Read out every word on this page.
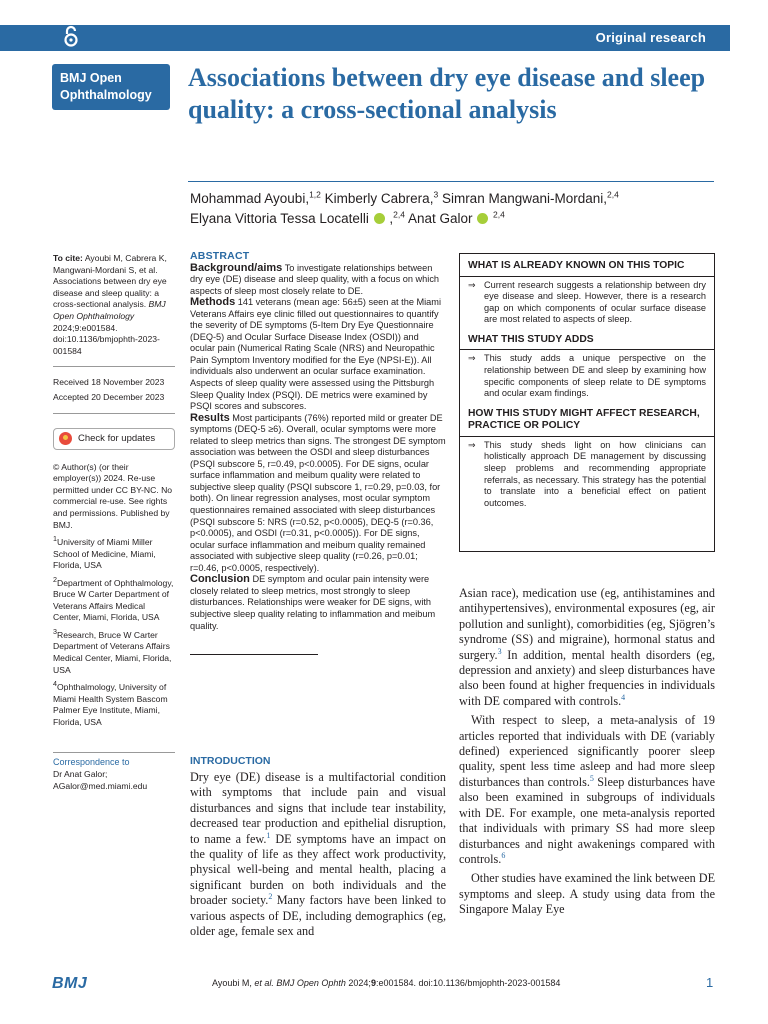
Original research
BMJ Open
Ophthalmology
Associations between dry eye disease and sleep quality: a cross-sectional analysis
Mohammad Ayoubi,$^{1,2}$ Kimberly Cabrera,$^3$ Simran Mangwani-Mordani,$^{2,4}$
Elyana Vittoria Tessa Locatelli  ,$^{2,4}$ Anat Galor $^{2,4}$

To cite: Ayoubi M, Cabrera K, Mangwani-Mordani S, et al. Associations between dry eye disease and sleep quality: a cross-sectional analysis. BMJ Open Ophthalmology 2024;9:e001584. doi:10.1136/bmjophth-2023-001584

Received 18 November 2023

Accepted 20 December 2023

Check for updates

© Author(s) (or their employer(s)) 2024. Re-use permitted under CC BY-NC. No commercial re-use. See rights and permissions. Published by BMJ.

$^1$University of Miami Miller School of Medicine, Miami, Florida, USA

$^2$Department of Ophthalmology, Bruce W Carter Department of Veterans Affairs Medical Center, Miami, Florida, USA

$^3$Research, Bruce W Carter Department of Veterans Affairs Medical Center, Miami, Florida, USA

$^4$Ophthalmology, University of Miami Health System Bascom Palmer Eye Institute, Miami, Florida, USA

Correspondence to

Dr Anat Galor; AGalor@med.miami.edu

ABSTRACT

Background/aims To investigate relationships between dry eye (DE) disease and sleep quality, with a focus on which aspects of sleep most closely relate to DE.

Methods 141 veterans (mean age: 56±5) seen at the Miami Veterans Affairs eye clinic filled out questionnaires to quantify the severity of DE symptoms (5-Item Dry Eye Questionnaire (DEQ-5) and Ocular Surface Disease Index (OSDI)) and ocular pain (Numerical Rating Scale (NRS) and Neuropathic Pain Symptom Inventory modified for the Eye (NPSI-E)). All individuals also underwent an ocular surface examination. Aspects of sleep quality were assessed using the Pittsburgh Sleep Quality Index (PSQI). DE metrics were examined by PSQI scores and subscores.

Results Most participants (76%) reported mild or greater DE symptoms (DEQ-5 ≥6). Overall, ocular symptoms were more related to sleep metrics than signs. The strongest DE symptom association was between the OSDI and sleep disturbances (PSQI subscore 5, r=0.49, p<0.0005). For DE signs, ocular surface inflammation and meibum quality were related to subjective sleep quality (PSQI subscore 1, r=0.29, p=0.03, for both). On linear regression analyses, most ocular symptom questionnaires remained associated with sleep disturbances (PSQI subscore 5: NRS (r=0.52, p<0.0005), DEQ-5 (r=0.36, p<0.0005), and OSDI (r=0.31, p<0.0005)). For DE signs, ocular surface inflammation and meibum quality remained associated with subjective sleep quality (r=0.26, p=0.01; r=0.46, p<0.0005, respectively).

Conclusion DE symptom and ocular pain intensity were closely related to sleep metrics, most strongly to sleep disturbances. Relationships were weaker for DE signs, with subjective sleep quality relating to inflammation and meibum quality.

WHAT IS ALREADY KNOWN ON THIS TOPIC
⇒ Current research suggests a relationship between dry eye disease and sleep. However, there is a research gap on which components of ocular surface disease are most related to aspects of sleep.
WHAT THIS STUDY ADDS
⇒ This study adds a unique perspective on the relationship between DE and sleep by examining how specific components of sleep relate to DE symptoms and ocular exam findings.
HOW THIS STUDY MIGHT AFFECT RESEARCH, PRACTICE OR POLICY
⇒ This study sheds light on how clinicians can holistically approach DE management by discussing sleep problems and recommending appropriate referrals, as necessary. This strategy has the potential to translate into a beneficial effect on patient outcomes.
INTRODUCTION

Dry eye (DE) disease is a multifactorial condition with symptoms that include pain and visual disturbances and signs that include tear instability, decreased tear production and epithelial disruption, to name a few.$^1$ DE symptoms have an impact on the quality of life as they affect work productivity, physical well-being and mental health, placing a significant burden on both individuals and the broader society.$^2$ Many factors have been linked to various aspects of DE, including demographics (eg, older age, female sex and

Asian race), medication use (eg, antihistamines and antihypertensives), environmental exposures (eg, air pollution and sunlight), comorbidities (eg, Sjögren’s syndrome (SS) and migraine), hormonal status and surgery.$^3$ In addition, mental health disorders (eg, depression and anxiety) and sleep disturbances have also been found at higher frequencies in individuals with DE compared with controls.$^4$

With respect to sleep, a meta-analysis of 19 articles reported that individuals with DE (variably defined) experienced significantly poorer sleep quality, spent less time asleep and had more sleep disturbances than controls.$^5$ Sleep disturbances have also been examined in subgroups of individuals with DE. For example, one meta-analysis reported that individuals with primary SS had more sleep disturbances and night awakenings compared with controls.$^6$

Other studies have examined the link between DE symptoms and sleep. A study using data from the Singapore Malay Eye

BMJ	Ayoubi M, et al. BMJ Open Ophth 2024;9:e001584. doi:10.1136/bmjophth-2023-001584	1
